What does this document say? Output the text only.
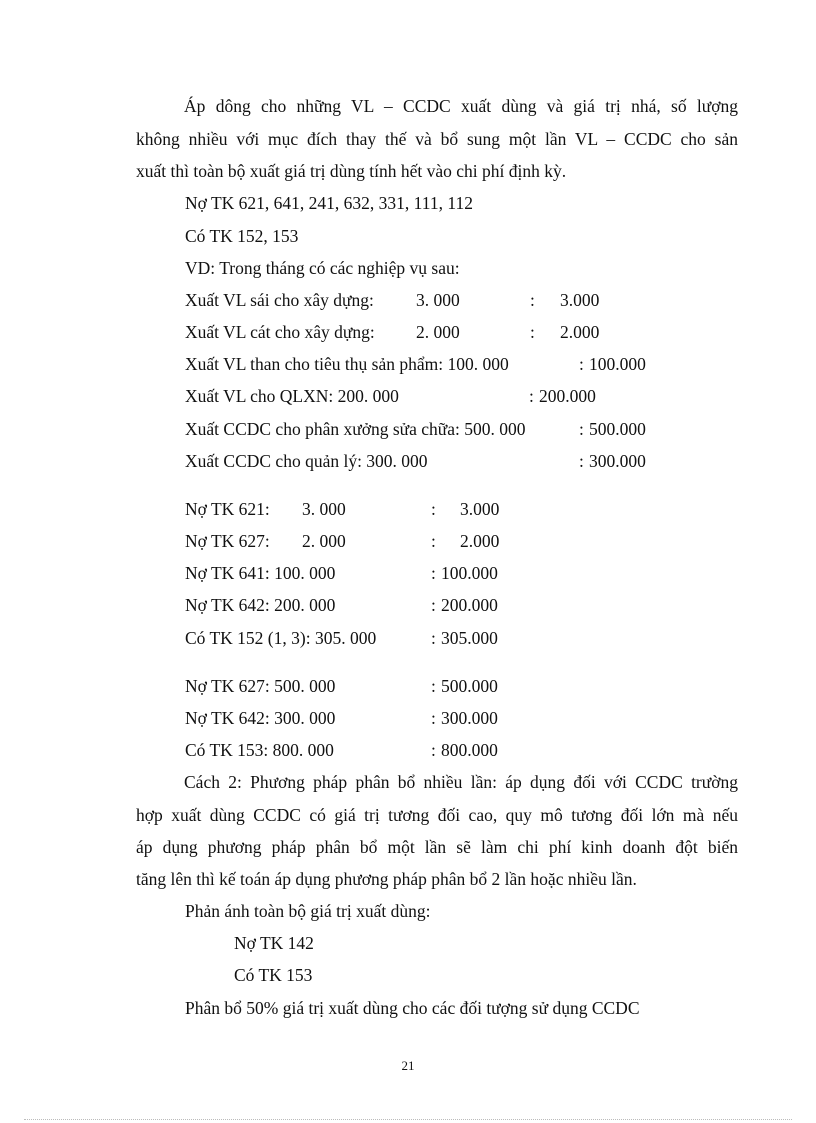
Áp dông cho những VL – CCDC xuất dùng và giá trị nhá, số lượng
không nhiều với mục đích thay thế và bổ sung một lần VL – CCDC cho sản
xuất thì toàn bộ xuất giá trị dùng tính hết vào chi phí định kỳ.
Nợ TK 621, 641, 241, 632, 331, 111, 112
Có TK 152, 153
VD: Trong tháng có các nghiệp vụ sau:
Xuất VL sái cho xây dựng: 3. 000	: 3.000
Xuất VL cát cho xây dựng: 2. 000	: 2.000
Xuất VL than cho tiêu thụ sản phẩm: 100. 000	: 100.000
Xuất VL cho QLXN: 200. 000	: 200.000
Xuất CCDC cho phân xưởng sửa chữa: 500. 000	: 500.000
Xuất CCDC cho quản lý: 300. 000	: 300.000
Nợ TK 621: 3. 000	: 3.000
Nợ TK 627: 2. 000	: 2.000
Nợ TK 641: 100. 000	: 100.000
Nợ TK 642: 200. 000	: 200.000
Có TK 152 (1, 3): 305. 000	: 305.000
Nợ TK 627: 500. 000	: 500.000
Nợ TK 642: 300. 000	: 300.000
Có TK 153: 800. 000	: 800.000
Cách 2: Phương pháp phân bổ nhiều lần: áp dụng đối với CCDC trường
hợp xuất dùng CCDC có giá trị tương đối cao, quy mô tương đối lớn mà nếu
áp dụng phương pháp phân bổ một lần sẽ làm chi phí kinh doanh đột biến
tăng lên thì kế toán áp dụng phương pháp phân bổ 2 lần hoặc nhiều lần.
Phản ánh toàn bộ giá trị xuất dùng:
Nợ TK 142
Có TK 153
Phân bổ 50% giá trị xuất dùng cho các đối tượng sử dụng CCDC
21
